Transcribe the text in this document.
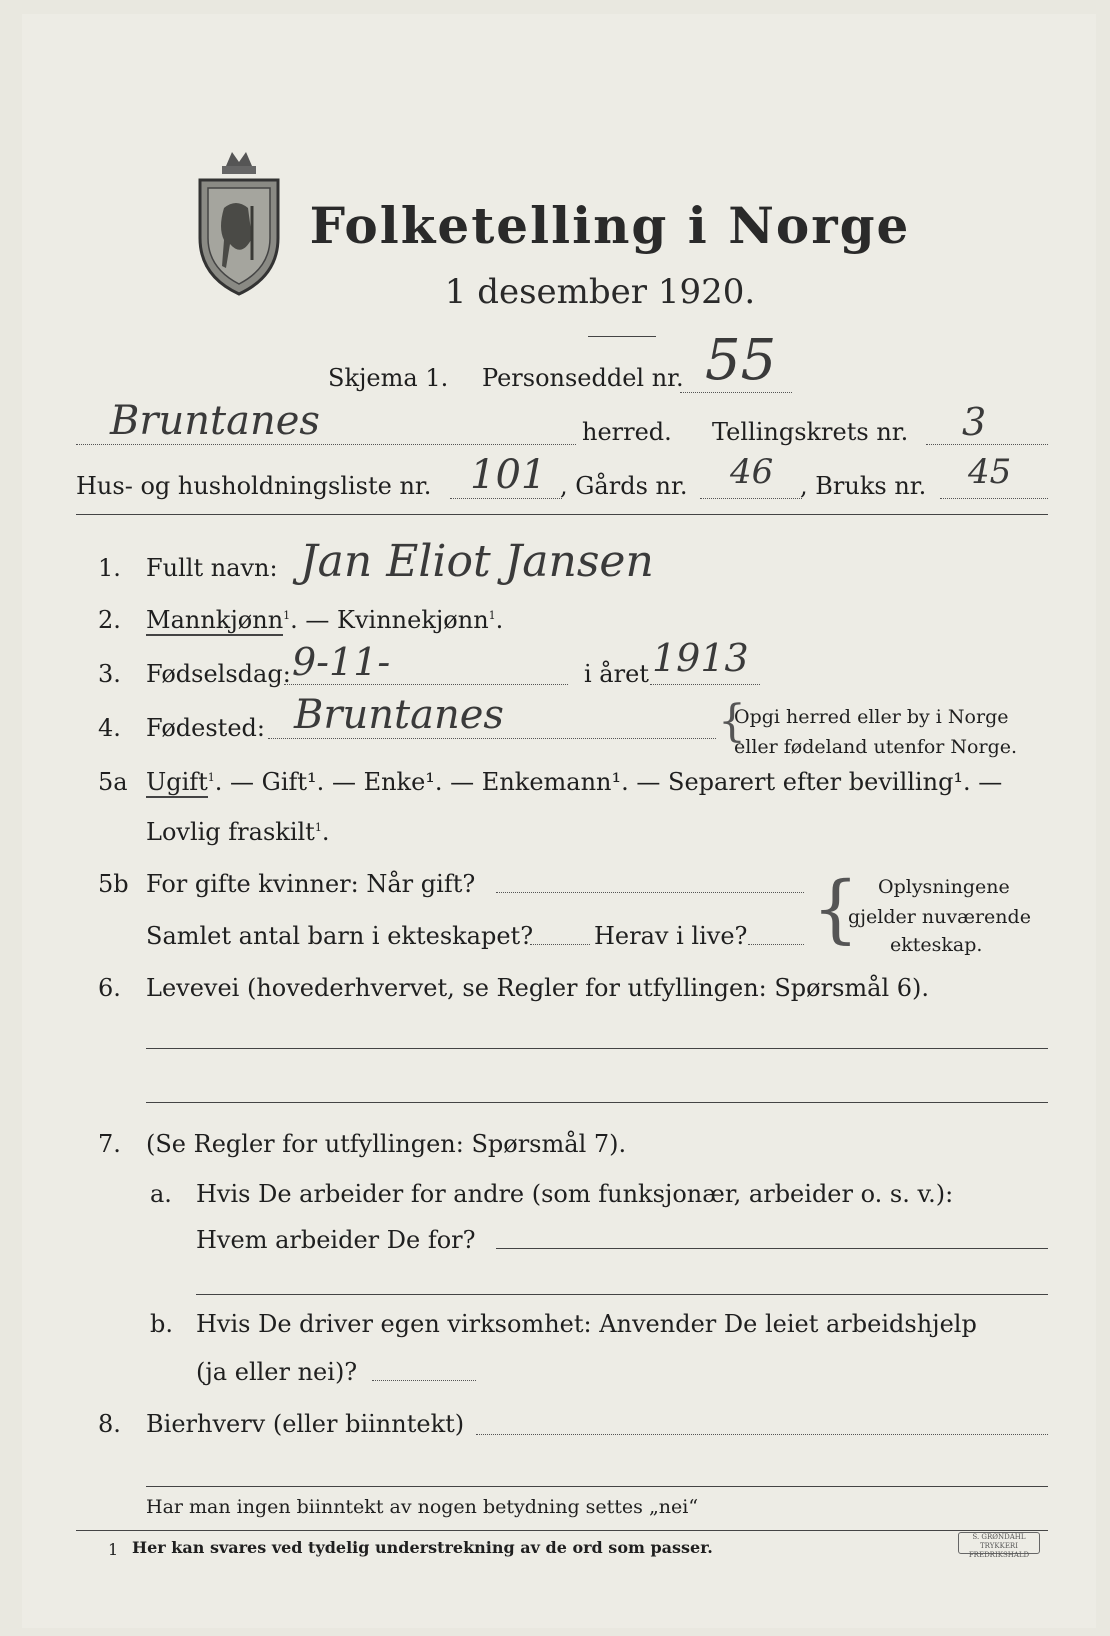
Folketelling i Norge
1 desember 1920.
Skjema 1. Personseddel nr. 55
Bruntanes	herred. Tellingskrets nr. 3
Hus- og husholdningsliste nr. 101 , Gårds nr. 46 , Bruks nr. 45
1. Fullt navn: Jan Eliot Jansen
2. Mannkjønn$^1$. — Kvinnekjønn$^1$.
3. Fødselsdag: 9-11-	i året 1913
4. Fødested: Bruntanes	{
Opgi herred eller by i Norge
eller fødeland utenfor Norge.
5a Ugift$^1$. — Gift¹. — Enke¹. — Enkemann¹. — Separert efter bevilling¹. —
Lovlig fraskilt$^1$.
5b For gifte kvinner: Når gift?
Samlet antal barn i ekteskapet?	Herav i live? { Oplysningene
gjelder nuværende
ekteskap.
6. Levevei (hovederhvervet, se Regler for utfyllingen: Spørsmål 6).
7. (Se Regler for utfyllingen: Spørsmål 7).
a. Hvis De arbeider for andre (som funksjonær, arbeider o. s. v.):
Hvem arbeider De for?
b. Hvis De driver egen virksomhet: Anvender De leiet arbeidshjelp
(ja eller nei)?
8. Bierhverv (eller biinntekt)
Har man ingen biinntekt av nogen betydning settes „nei“
1 Her kan svares ved tydelig understrekning av de ord som passer.
S. GRØNDAHL TRYKKERI
FREDRIKSHALD
